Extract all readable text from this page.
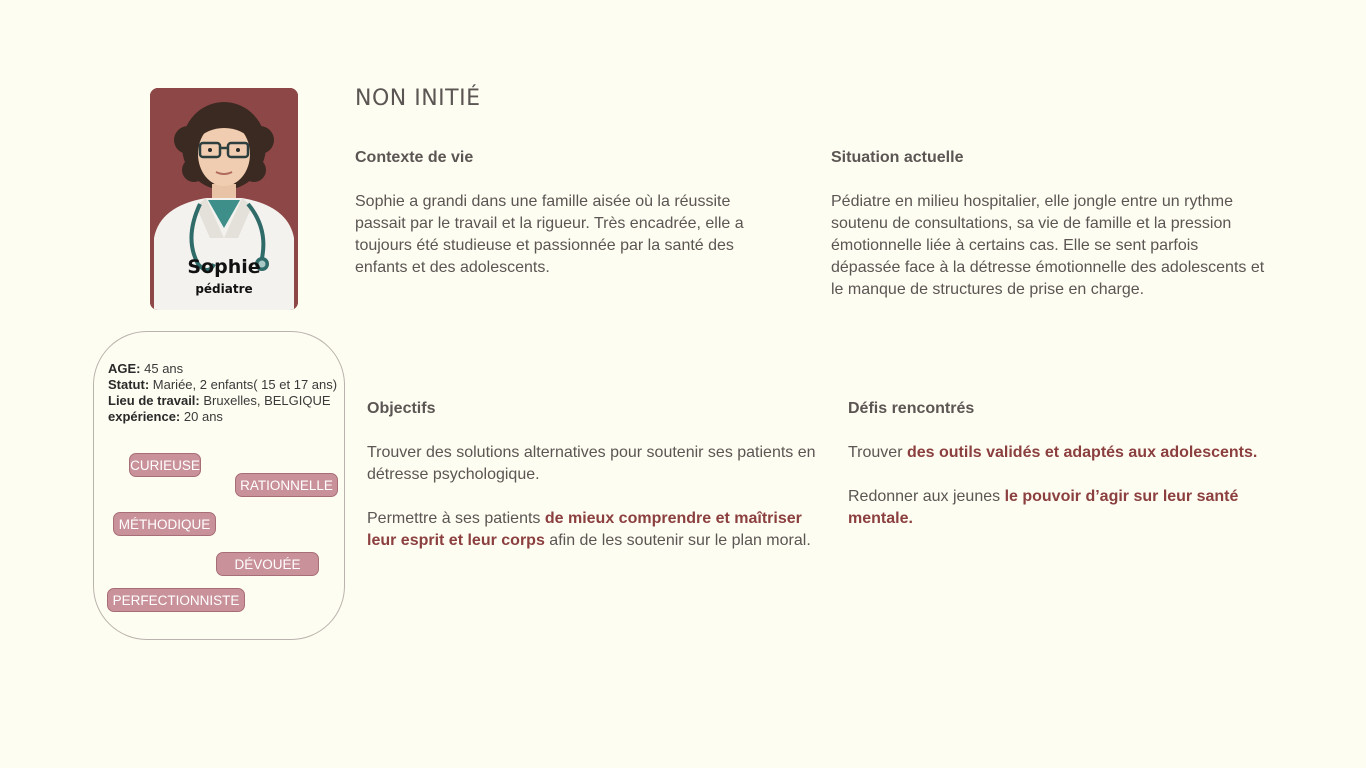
Sophie
pédiatre
NON INITIÉ
Contexte de vie

Sophie a grandi dans une famille aisée où la réussite passait par le travail et la rigueur. Très encadrée, elle a toujours été studieuse et passionnée par la santé des enfants et des adolescents.

Situation actuelle

Pédiatre en milieu hospitalier, elle jongle entre un rythme soutenu de consultations, sa vie de famille et la pression émotionnelle liée à certains cas. Elle se sent parfois dépassée face à la détresse émotionnelle des adolescents et le manque de structures de prise en charge.

AGE: 45 ans
Statut: Mariée, 2 enfants( 15 et 17 ans)
Lieu de travail: Bruxelles, BELGIQUE
expérience: 20 ans
CURIEUSE
RATIONNELLE
MÉTHODIQUE
DÉVOUÉE
PERFECTIONNISTE
Objectifs

Trouver des solutions alternatives pour soutenir ses patients en détresse psychologique.

Permettre à ses patients de mieux comprendre et maîtriser leur esprit et leur corps afin de les soutenir sur le plan moral.

Défis rencontrés

Trouver des outils validés et adaptés aux adolescents.

Redonner aux jeunes le pouvoir d’agir sur leur santé mentale.
